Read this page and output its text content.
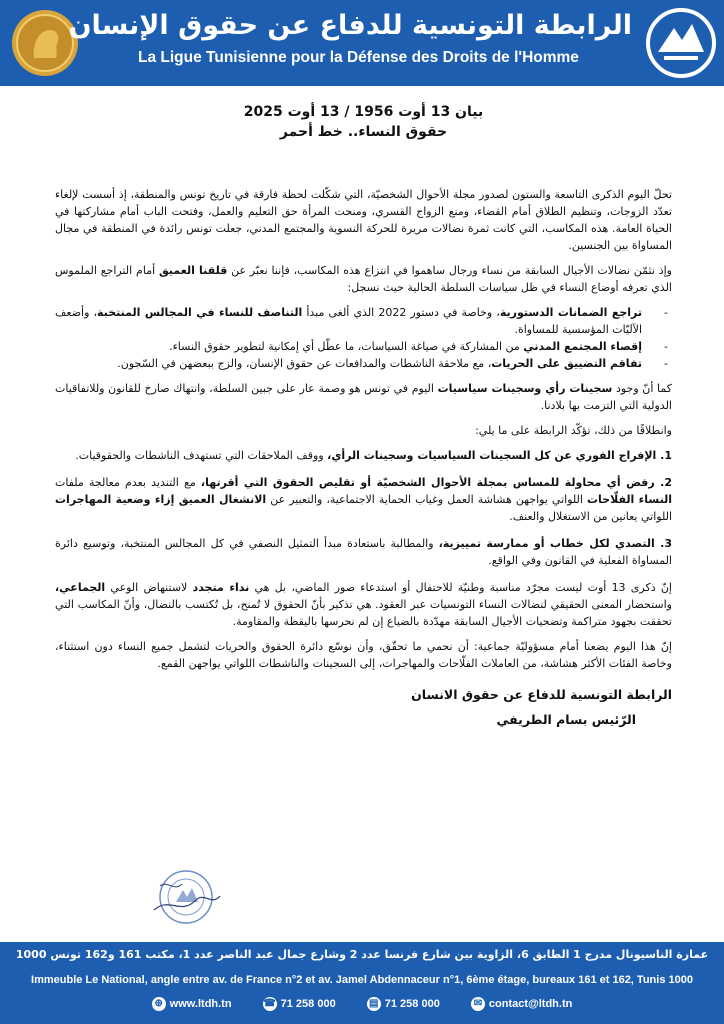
الرابطة التونسية للدفاع عن حقوق الإنسان
La Ligue Tunisienne pour la Défense des Droits de l'Homme
بيان 13 أوت 1956 / 13 أوت 2025
حقوق النساء.. خط أحمر

تحلّ اليوم الذكرى التاسعة والستون لصدور مجلة الأحوال الشخصيّة، التي شكّلت لحظة فارقة في تاريخ تونس والمنطقة، إذ أسست لإلغاء تعدّد الزوجات، وتنظيم الطلاق أمام القضاء، ومنع الزواج القسري، ومنحت المرأة حق التعليم والعمل، وفتحت الباب أمام مشاركتها في الحياة العامة. هذه المكاسب، التي كانت ثمرة نضالات مريرة للحركة النسوية والمجتمع المدني، جعلت تونس رائدة في المنطقة في مجال المساواة بين الجنسين.

وإذ نثمّن نضالات الأجيال السابقة من نساء ورجال ساهموا في انتزاع هذه المكاسب، فإننا نعبّر عن قلقنا العميق أمام التراجع الملموس الذي تعرفه أوضاع النساء في ظل سياسات السلطة الحالية حيث نسجل:

- تراجع الضمانات الدستورية، وخاصة في دستور 2022 الذي ألغى مبدأ التناصف للنساء في المجالس المنتخبة، وأضعف الآليّات المؤسسية للمساواة.
- إقصاء المجتمع المدني من المشاركة في صياغة السياسات، ما عطّل أي إمكانية لتطوير حقوق النساء.
- تفاقم التضييق على الحريات، مع ملاحقة الناشطات والمدافعات عن حقوق الإنسان، والزج ببعضهن في السّجون.

كما أنّ وجود سجينات رأي وسجينات سياسيات اليوم في تونس هو وصمة عار على جبين السلطة، وانتهاك صارخ للقانون وللاتفاقيات الدولية التي التزمت بها بلادنا.

وانطلاقًا من ذلك، تؤكّد الرابطة على ما يلي:

1. الإفراج الفوري عن كل السجينات السياسيات وسجينات الرأي، ووقف الملاحقات التي تستهدف الناشطات والحقوقيات.

2. رفض أي محاولة للمساس بمجلة الأحوال الشخصيّة أو تقليص الحقوق التي أقرتها، مع التنديد بعدم معالجة ملفات النساء الفلّاحات اللواتي يواجهن هشاشة العمل وغياب الحماية الاجتماعية، والتعبير عن الانشغال العميق إزاء وضعية المهاجرات اللواتي يعانين من الاستغلال والعنف.

3. التصدي لكل خطاب أو ممارسة تمييزية، والمطالبة باستعادة مبدأ التمثيل النصفي في كل المجالس المنتخبة، وتوسيع دائرة المساواة الفعلية في القانون وفي الواقع.

إنّ ذكرى 13 أوت ليست مجرّد مناسبة وطنيّة للاحتفال أو استدعاء صور الماضي، بل هي نداء متجدد لاستنهاض الوعي الجماعي، واستحضار المعنى الحقيقي لنضالات النساء التونسيات عبر العقود. هي تذكير بأنّ الحقوق لا تُمنح، بل تُكتسب بالنضال، وأنّ المكاسب التي تحققت بجهود متراكمة وتضحيات الأجيال السابقة مهدّدة بالضياع إن لم نحرسها باليقظة والمقاومة.

إنّ هذا اليوم يضعنا أمام مسؤوليّة جماعية: أن نحمي ما تحقّق، وأن نوسّع دائرة الحقوق والحريات لتشمل جميع النساء دون استثناء، وخاصة الفئات الأكثر هشاشة، من العاملات الفلّاحات والمهاجرات، إلى السجينات والناشطات اللواتي يواجهن القمع.

الرابطة التونسية للدفاع عن حقوق الانسان
الرّئيس بسام الطريفي
عمارة الناسيونال مدرج 1 الطابق 6، الزاوية بين شارع فرنسا عدد 2 وشارع جمال عبد الناصر عدد 1، مكتب 161 و162 تونس 1000
Immeuble Le National, angle entre av. de France n°2 et av. Jamel Abdennaceur n°1, 6ème étage, bureaux 161 et 162, Tunis 1000
⊕ www.ltdh.tn	☎ 71 258 000	▤ 71 258 000	✉ contact@ltdh.tn
